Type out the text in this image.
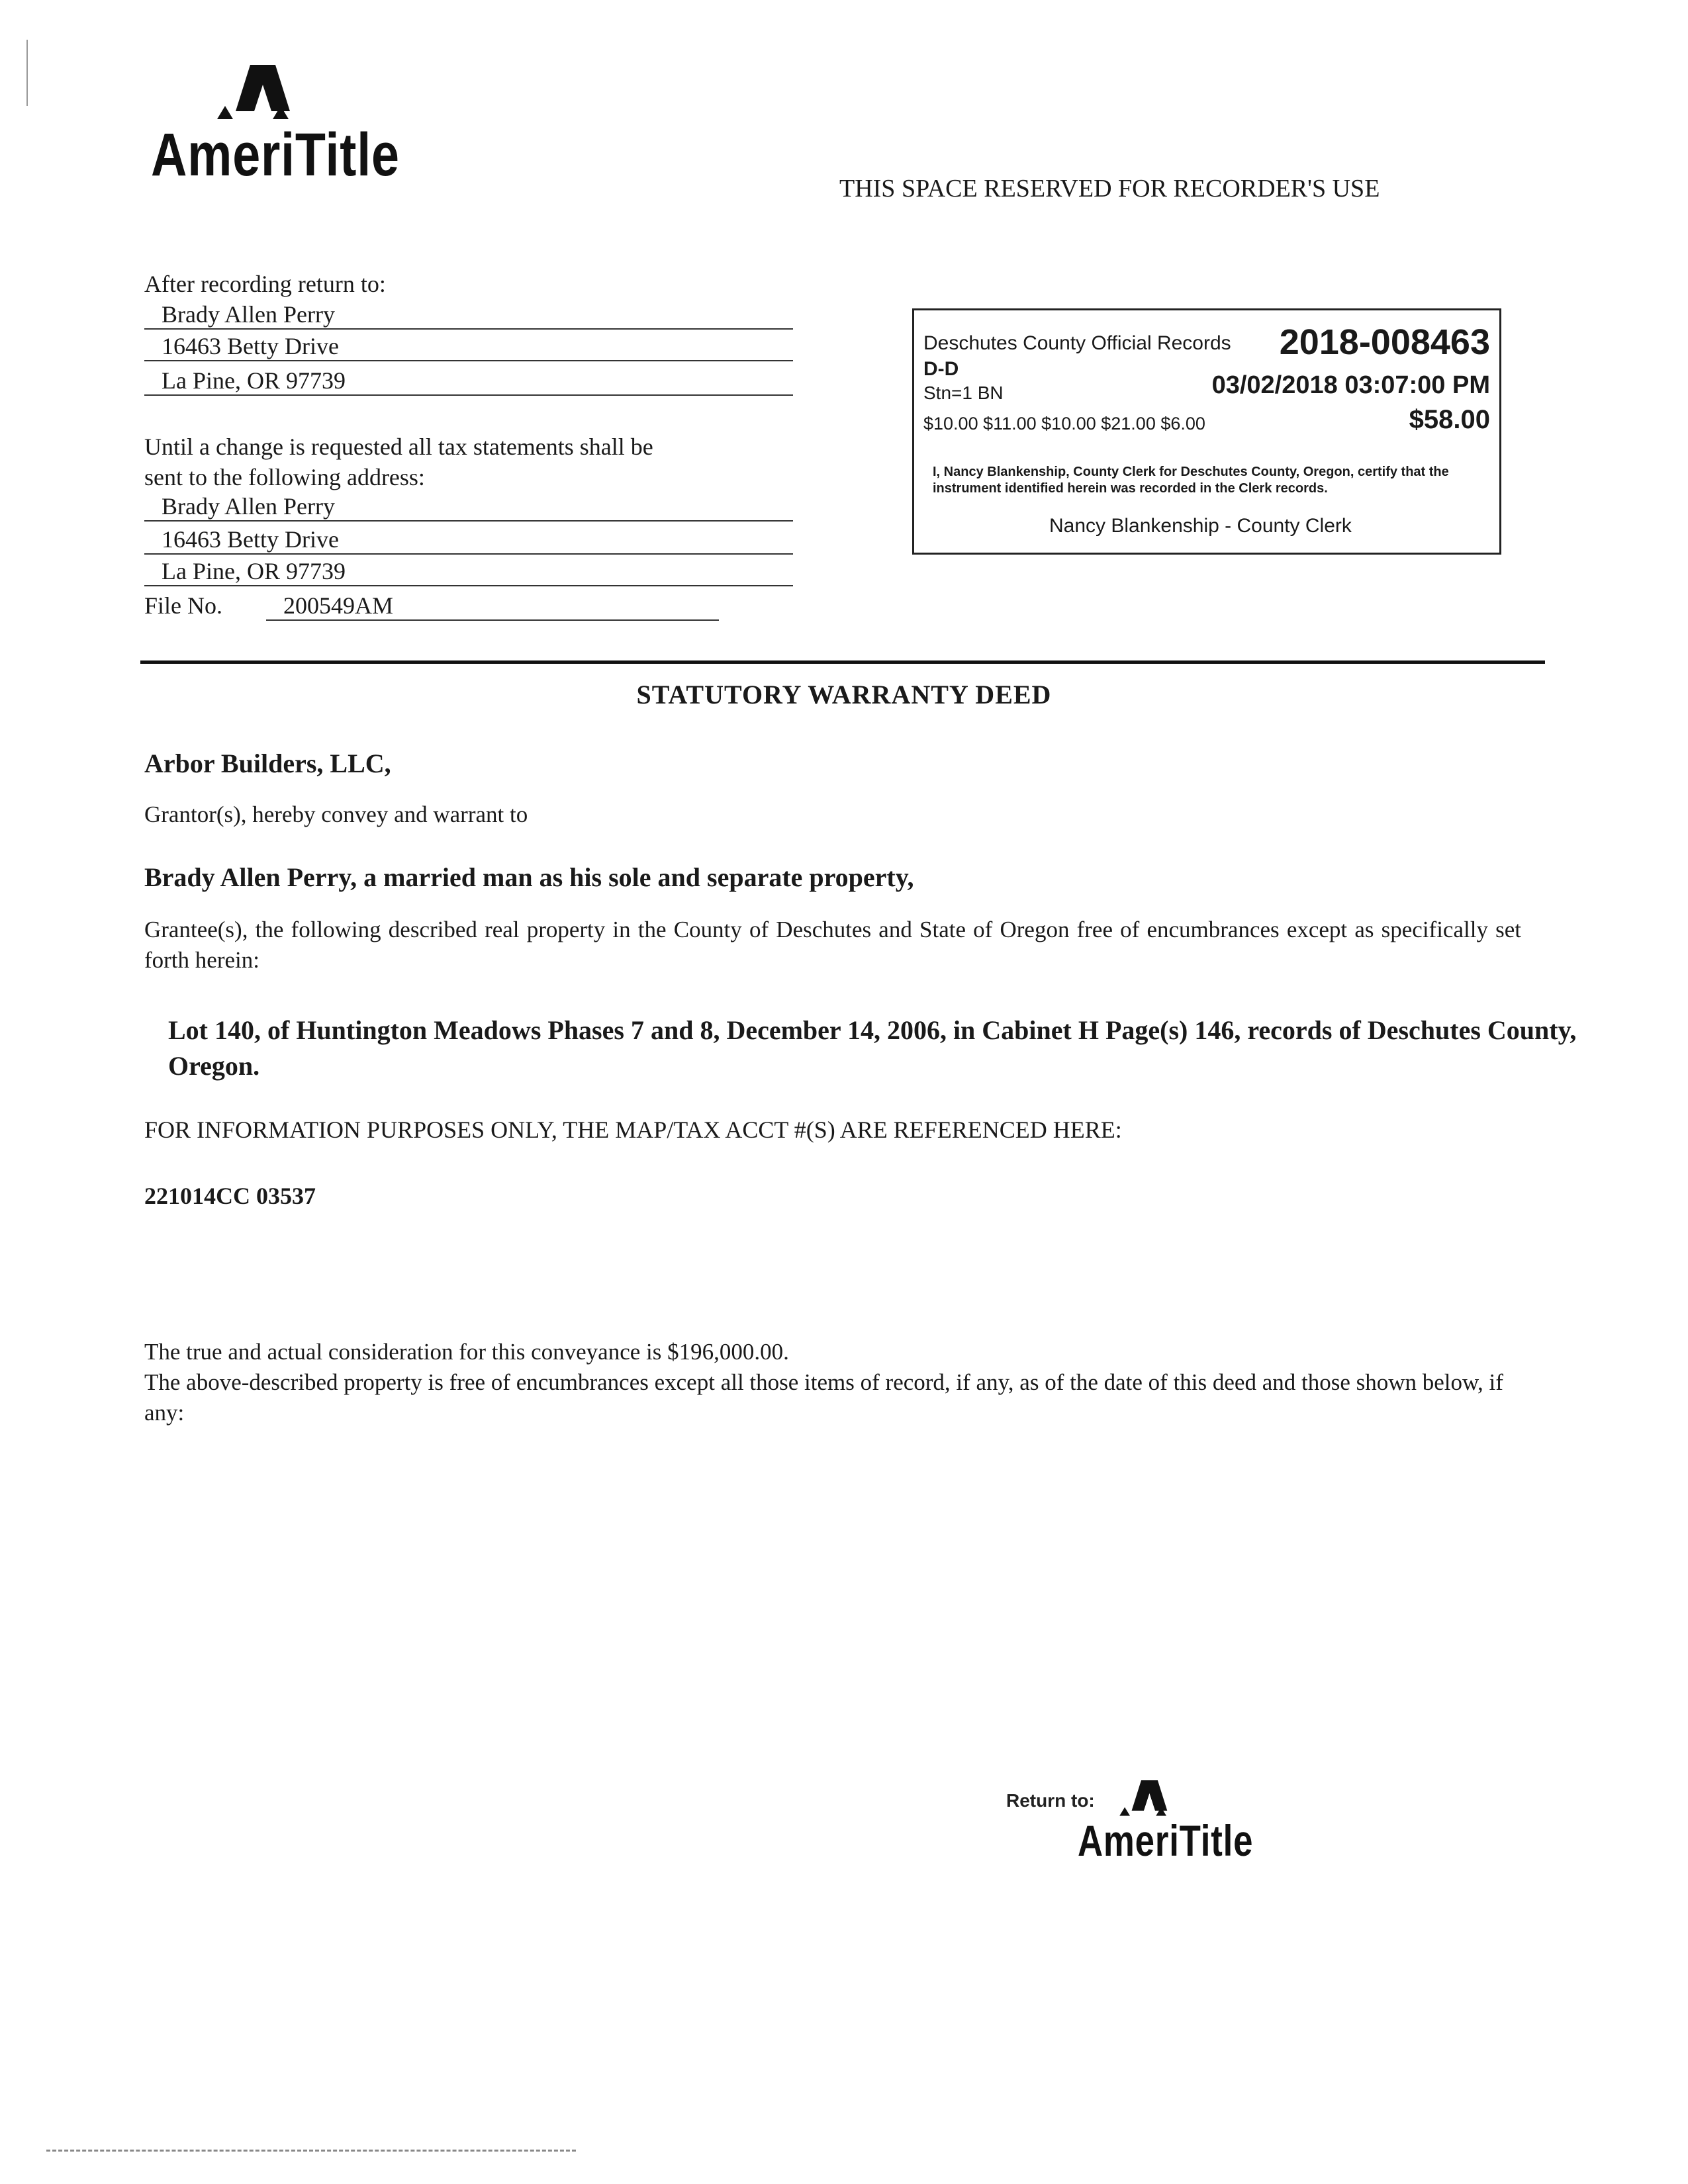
AmeriTitle	THIS SPACE RESERVED FOR RECORDER'S USE
After recording return to:
Brady Allen Perry
16463 Betty Drive
La Pine, OR 97739
Until a change is requested all tax statements shall be
sent to the following address:
Brady Allen Perry
16463 Betty Drive
La Pine, OR 97739
File No.	200549AM
Deschutes County Official Records 2018-008463
D-D
Stn=1 BN	03/02/2018 03:07:00 PM
$10.00 $11.00 $10.00 $21.00 $6.00	$58.00
I, Nancy Blankenship, County Clerk for Deschutes County, Oregon, certify that the instrument identified herein was recorded in the Clerk records.
Nancy Blankenship - County Clerk
STATUTORY WARRANTY DEED
Arbor Builders, LLC,
Grantor(s), hereby convey and warrant to
Brady Allen Perry, a married man as his sole and separate property,
Grantee(s), the following described real property in the County of Deschutes and State of Oregon free of encumbrances except as specifically set forth herein:
Lot 140, of Huntington Meadows Phases 7 and 8, December 14, 2006, in Cabinet H Page(s) 146, records of Deschutes County, Oregon.
FOR INFORMATION PURPOSES ONLY, THE MAP/TAX ACCT #(S) ARE REFERENCED HERE:
221014CC 03537
The true and actual consideration for this conveyance is $196,000.00.
The above-described property is free of encumbrances except all those items of record, if any, as of the date of this deed and those shown below, if any:
Return to:
AmeriTitle
